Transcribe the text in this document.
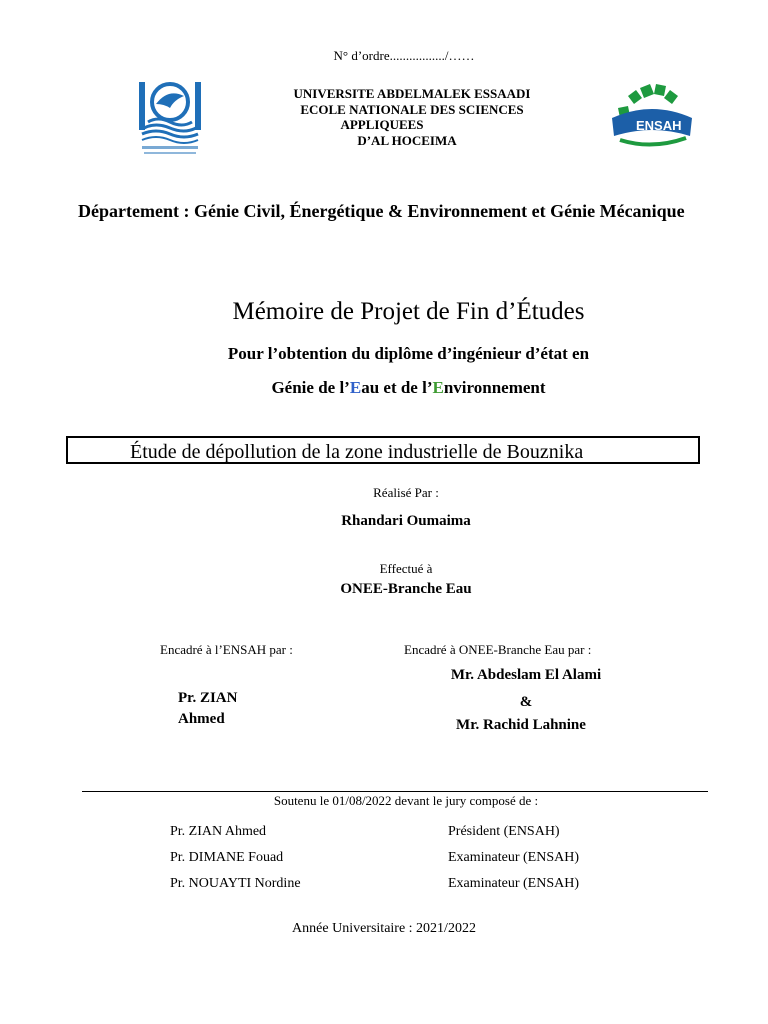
N° d’ordre................./……
UNIVERSITE ABDELMALEK ESSAADI
ECOLE NATIONALE DES SCIENCES
APPLIQUEES
D’AL HOCEIMA
ENSAH
Département : Génie Civil, Énergétique & Environnement et Génie Mécanique
Mémoire de Projet de Fin d’Études
Pour l’obtention du diplôme d’ingénieur d’état en
Génie de l’Eau et de l’Environnement
Étude de dépollution de la zone industrielle de Bouznika
Réalisé Par :
Rhandari Oumaima
Effectué à
ONEE-Branche Eau
Encadré à l’ENSAH par :
Pr. ZIAN
Ahmed
Encadré à ONEE-Branche Eau par :
Mr. Abdeslam El Alami
&
Mr. Rachid Lahnine
Soutenu le 01/08/2022 devant le jury composé de :
Pr. ZIAN Ahmed	Président (ENSAH)
Pr. DIMANE Fouad	Examinateur (ENSAH)
Pr. NOUAYTI Nordine	Examinateur (ENSAH)
Année Universitaire : 2021/2022
